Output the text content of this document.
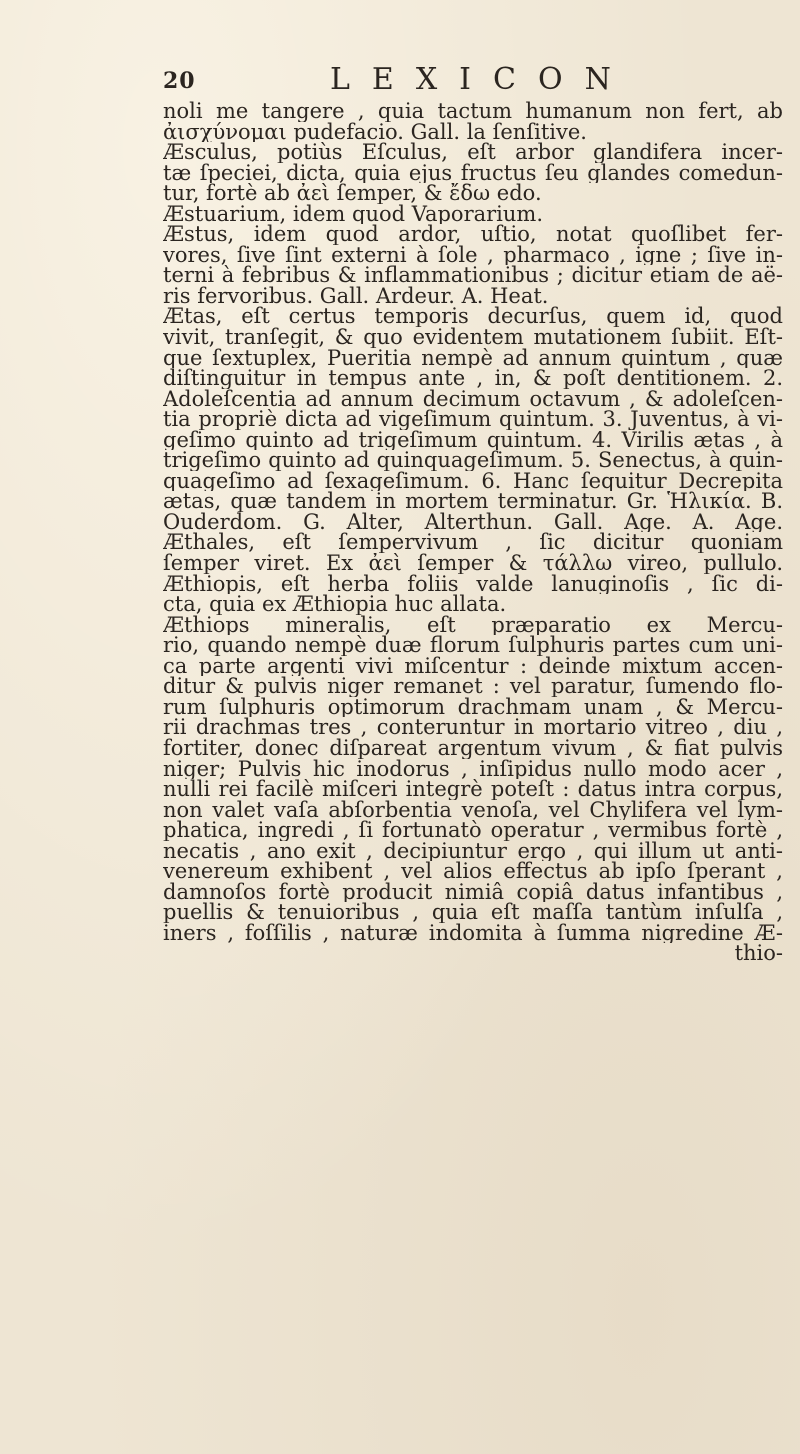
20	LEXICON
noli me tangere , quia tactum humanum non fert, ab
ἀισχύνομαι pudefacio. Gall. la ſenſitive.
Æsculus, potiùs Eſculus, eſt arbor glandifera incer-
tæ ſpeciei, dicta, quia ejus fructus ſeu glandes comedun-
tur, fortè ab ἀεὶ ſemper, & ἔδω edo.
Æstuarium, idem quod Vaporarium.
Æstus, idem quod ardor, uſtio, notat quoſlibet fer-
vores, ſive ſint externi à ſole , pharmaco , igne ; ſive in-
terni à febribus & inflammationibus ; dicitur etiam de aë-
ris fervoribus. Gall. Ardeur. A. Heat.
Ætas, eſt certus temporis decurſus, quem id, quod
vivit, tranſegit, & quo evidentem mutationem ſubiit. Eſt-
que ſextuplex, Pueritia nempè ad annum quintum , quæ
diſtinguitur in tempus ante , in, & poſt dentitionem. 2.
Adoleſcentia ad annum decimum octavum , & adoleſcen-
tia propriè dicta ad vigeſimum quintum. 3. Juventus, à vi-
geſimo quinto ad trigeſimum quintum. 4. Virilis ætas , à
trigeſimo quinto ad quinquageſimum. 5. Senectus, à quin-
quageſimo ad ſexageſimum. 6. Hanc ſequitur Decrepita
ætas, quæ tandem in mortem terminatur. Gr. Ἡλικία. B.
Ouderdom. G. Alter, Alterthun. Gall. Age. A. Age.
Æthales, eſt ſempervivum , ſic dicitur quoniam
ſemper viret. Ex ἀεὶ ſemper & τάλλω vireo, pullulo.
Æthiopis, eſt herba foliis valde lanuginoſis , ſic di-
cta, quia ex Æthiopia huc allata.
Æthiops mineralis, eſt præparatio ex Mercu-
rio, quando nempè duæ florum ſulphuris partes cum uni-
ca parte argenti vivi miſcentur : deinde mixtum accen-
ditur & pulvis niger remanet : vel paratur, ſumendo flo-
rum ſulphuris optimorum drachmam unam , & Mercu-
rii drachmas tres , conteruntur in mortario vitreo , diu ,
fortiter, donec diſpareat argentum vivum , & fiat pulvis
niger; Pulvis hic inodorus , inſipidus nullo modo acer ,
nulli rei facilè miſceri integrè poteſt : datus intra corpus,
non valet vaſa abſorbentia venoſa, vel Chylifera vel lym-
phatica, ingredi , ſi fortunatò operatur , vermibus fortè ,
necatis , ano exit , decipiuntur ergo , qui illum ut anti-
venereum exhibent , vel alios effectus ab ipſo ſperant ,
damnoſos fortè producit nimiâ copiâ datus infantibus ,
puellis & tenuioribus , quia eſt maſſa tantùm inſulſa ,
iners , foſſilis , naturæ indomita à ſumma nigredine Æ-
thio-
